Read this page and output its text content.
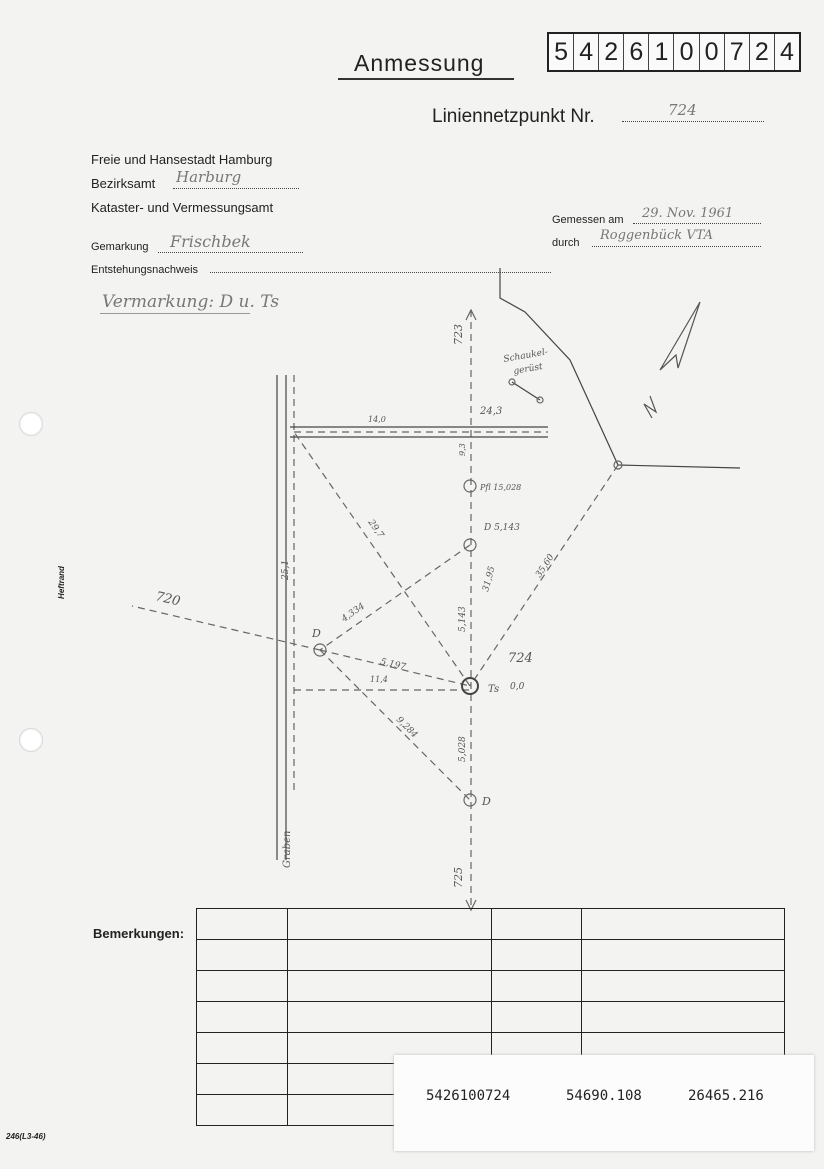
Anmessung	5 4 2 6 1 0 0 7 2 4
Liniennetzpunkt Nr.	724
Freie und Hansestadt Hamburg
Bezirksamt Harburg
Kataster- und Vermessungsamt
Gemessen am 29. Nov. 1961
durch Roggenbück VTA
Gemarkung Frischbek
Entstehungsnachweis
Vermarkung: D u. Ts
Heftrand
723
725
720
724
Schaukel-
gerüst
Graben
Ts 0,0
D
D
D 5,143
Pfl 15,028
14,0
24,3
9,3
29,7
25,1
4,334	5,143
31,95	35,60
5,197
11,4
9,284
5,028
Bemerkungen:

5426100724	54690.108	26465.216
246(L3-46)
